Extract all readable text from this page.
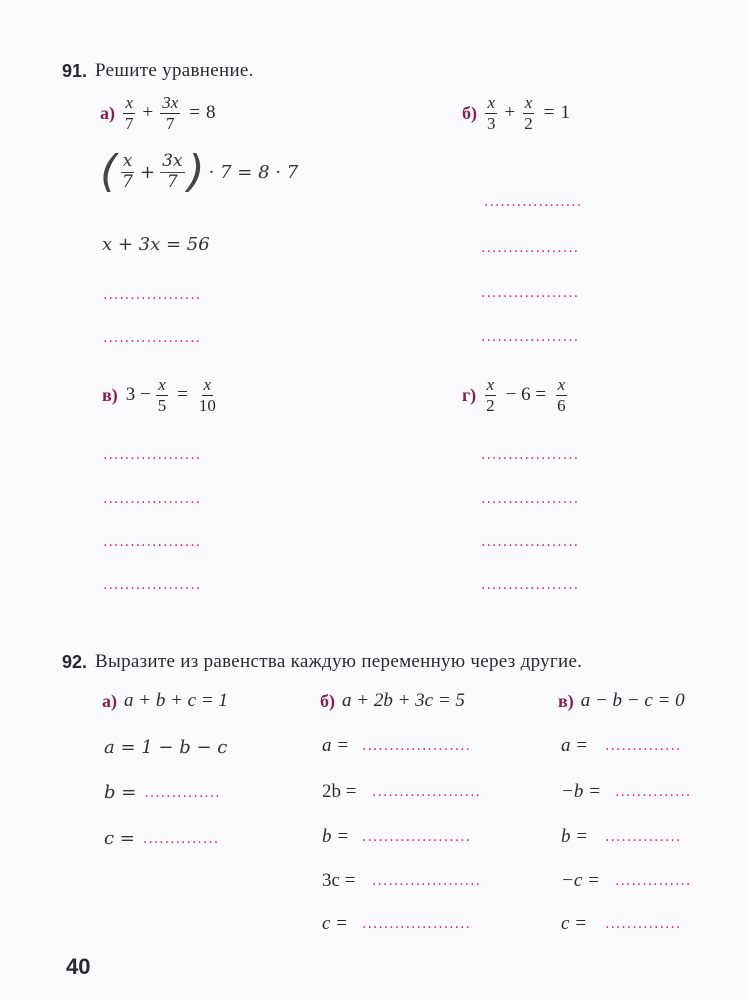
91. Решите уравнение.
$а) \frac{x}{7} + \frac{3x}{7} = 8$
( $\frac{x}{7} + \frac{3x}{7}$ ) · 7 = 8 · 7
x + 3x = 56
..................
..................
$б) \frac{x}{3} + \frac{x}{2} = 1$
..................
..................
..................
..................
в) $3 - \frac{x}{5} = \frac{x}{10}$
..................
..................
..................
..................
$г) \frac{x}{2} - 6 = \frac{x}{6}$
..................
..................
..................
..................
92. Выразите из равенства каждую переменную через другие.
а) a + b + c = 1
a = 1 − b − c
b = ..............
c = ..............
б) a + 2b + 3c = 5
a = ....................
2b =	....................
b = ....................
3c =	....................
c = ....................
в) a − b − c = 0
a =	..............
−b =	..............
b =	..............
−c =	..............
c =	..............
40
